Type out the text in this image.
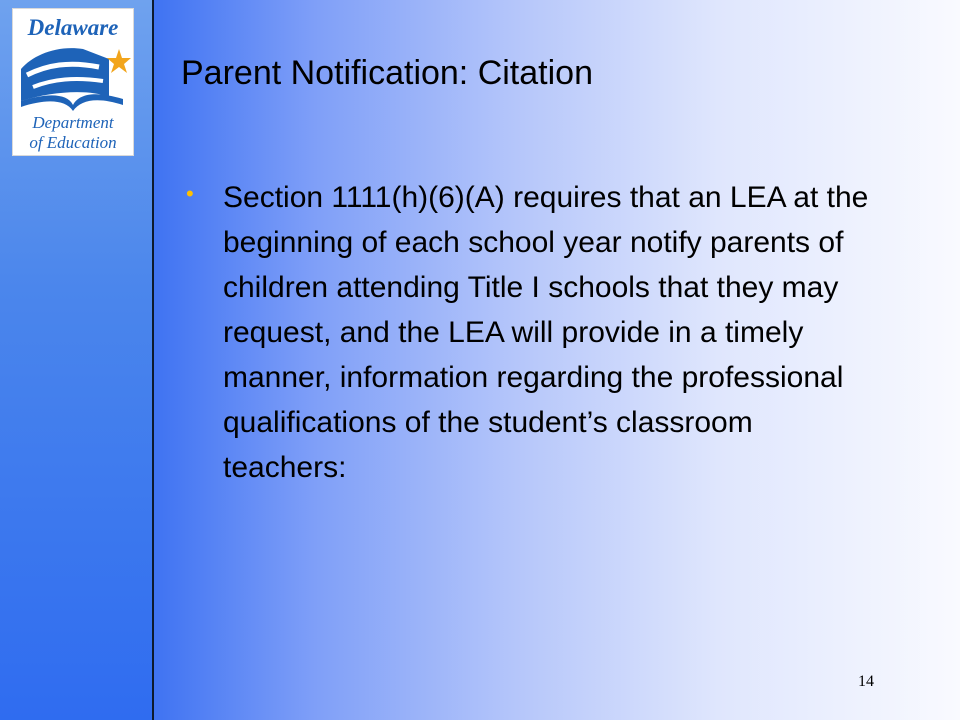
Delaware
Department
of Education
Parent Notification: Citation
• Section 1111(h)(6)(A) requires that an LEA at the beginning of each school year notify parents of children attending Title I schools that they may request, and the LEA will provide in a timely manner, information regarding the professional qualifications of the student’s classroom teachers:
14
